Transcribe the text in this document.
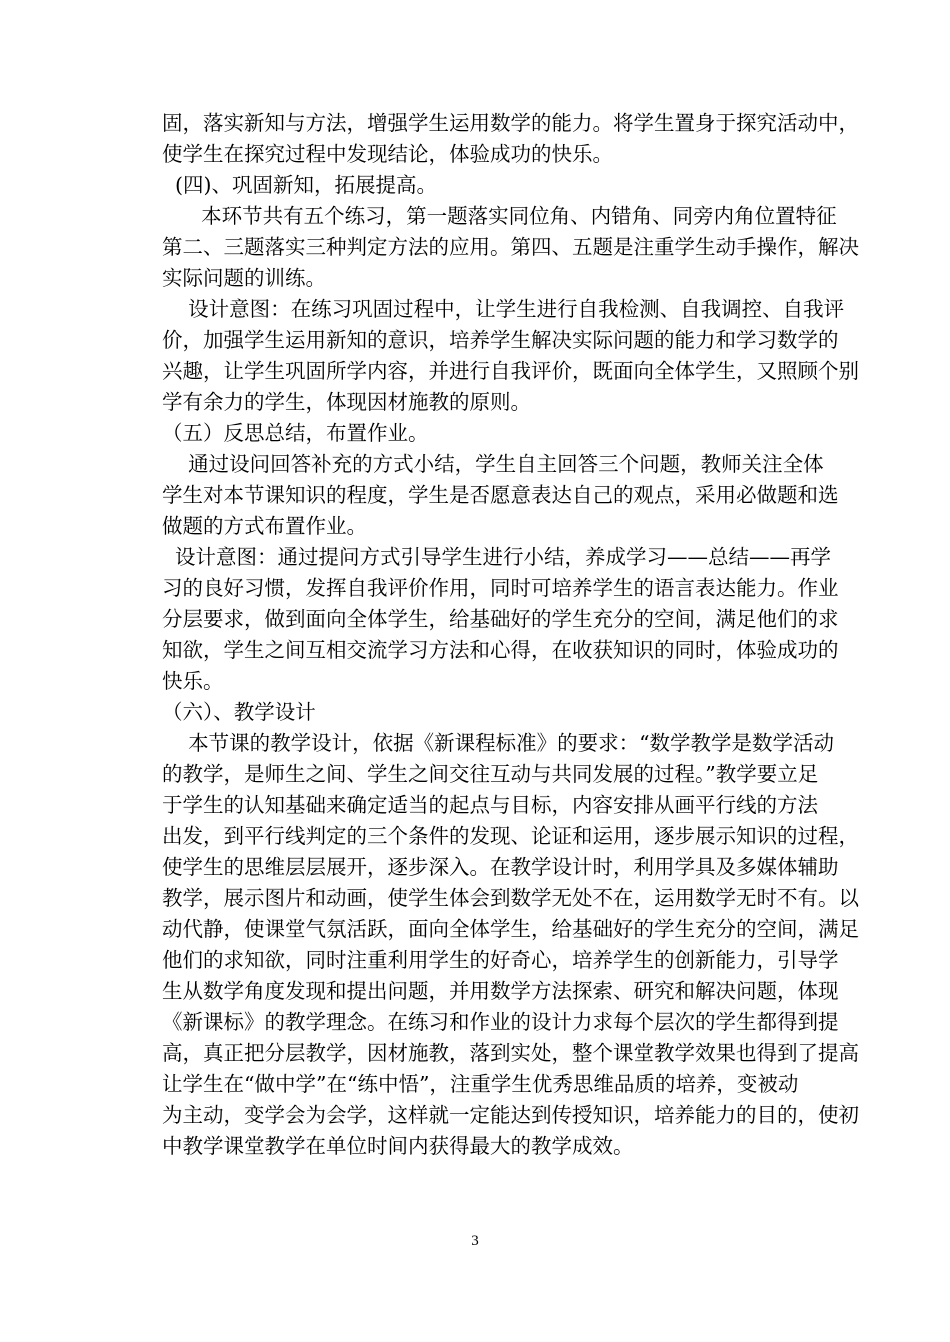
固，落实新知与方法，增强学生运用数学的能力。将学生置身于探究活动中，
使学生在探究过程中发现结论，体验成功的快乐。
(四)、巩固新知，拓展提高。
本环节共有五个练习，第一题落实同位角、内错角、同旁内角位置特征
第二、三题落实三种判定方法的应用。第四、五题是注重学生动手操作，解决
实际问题的训练。
设计意图：在练习巩固过程中，让学生进行自我检测、自我调控、自我评
价，加强学生运用新知的意识，培养学生解决实际问题的能力和学习数学的
兴趣，让学生巩固所学内容，并进行自我评价，既面向全体学生，又照顾个别
学有余力的学生，体现因材施教的原则。
（五）反思总结，布置作业。
通过设问回答补充的方式小结，学生自主回答三个问题，教师关注全体
学生对本节课知识的程度，学生是否愿意表达自己的观点，采用必做题和选
做题的方式布置作业。
设计意图：通过提问方式引导学生进行小结，养成学习——总结——再学
习的良好习惯，发挥自我评价作用，同时可培养学生的语言表达能力。作业
分层要求，做到面向全体学生，给基础好的学生充分的空间，满足他们的求
知欲，学生之间互相交流学习方法和心得，在收获知识的同时，体验成功的
快乐。
（六）、教学设计
本节课的教学设计，依据《新课程标准》的要求：“数学教学是数学活动
的教学，是师生之间、学生之间交往互动与共同发展的过程。”教学要立足
于学生的认知基础来确定适当的起点与目标，内容安排从画平行线的方法
出发，到平行线判定的三个条件的发现、论证和运用，逐步展示知识的过程，
使学生的思维层层展开，逐步深入。在教学设计时，利用学具及多媒体辅助
教学，展示图片和动画，使学生体会到数学无处不在，运用数学无时不有。以
动代静，使课堂气氛活跃，面向全体学生，给基础好的学生充分的空间，满足
他们的求知欲，同时注重利用学生的好奇心，培养学生的创新能力，引导学
生从数学角度发现和提出问题，并用数学方法探索、研究和解决问题，体现
《新课标》的教学理念。在练习和作业的设计力求每个层次的学生都得到提
高，真正把分层教学，因材施教，落到实处，整个课堂教学效果也得到了提高
让学生在“做中学”在“练中悟”，注重学生优秀思维品质的培养，变被动
为主动，变学会为会学，这样就一定能达到传授知识，培养能力的目的，使初
中教学课堂教学在单位时间内获得最大的教学成效。
3
